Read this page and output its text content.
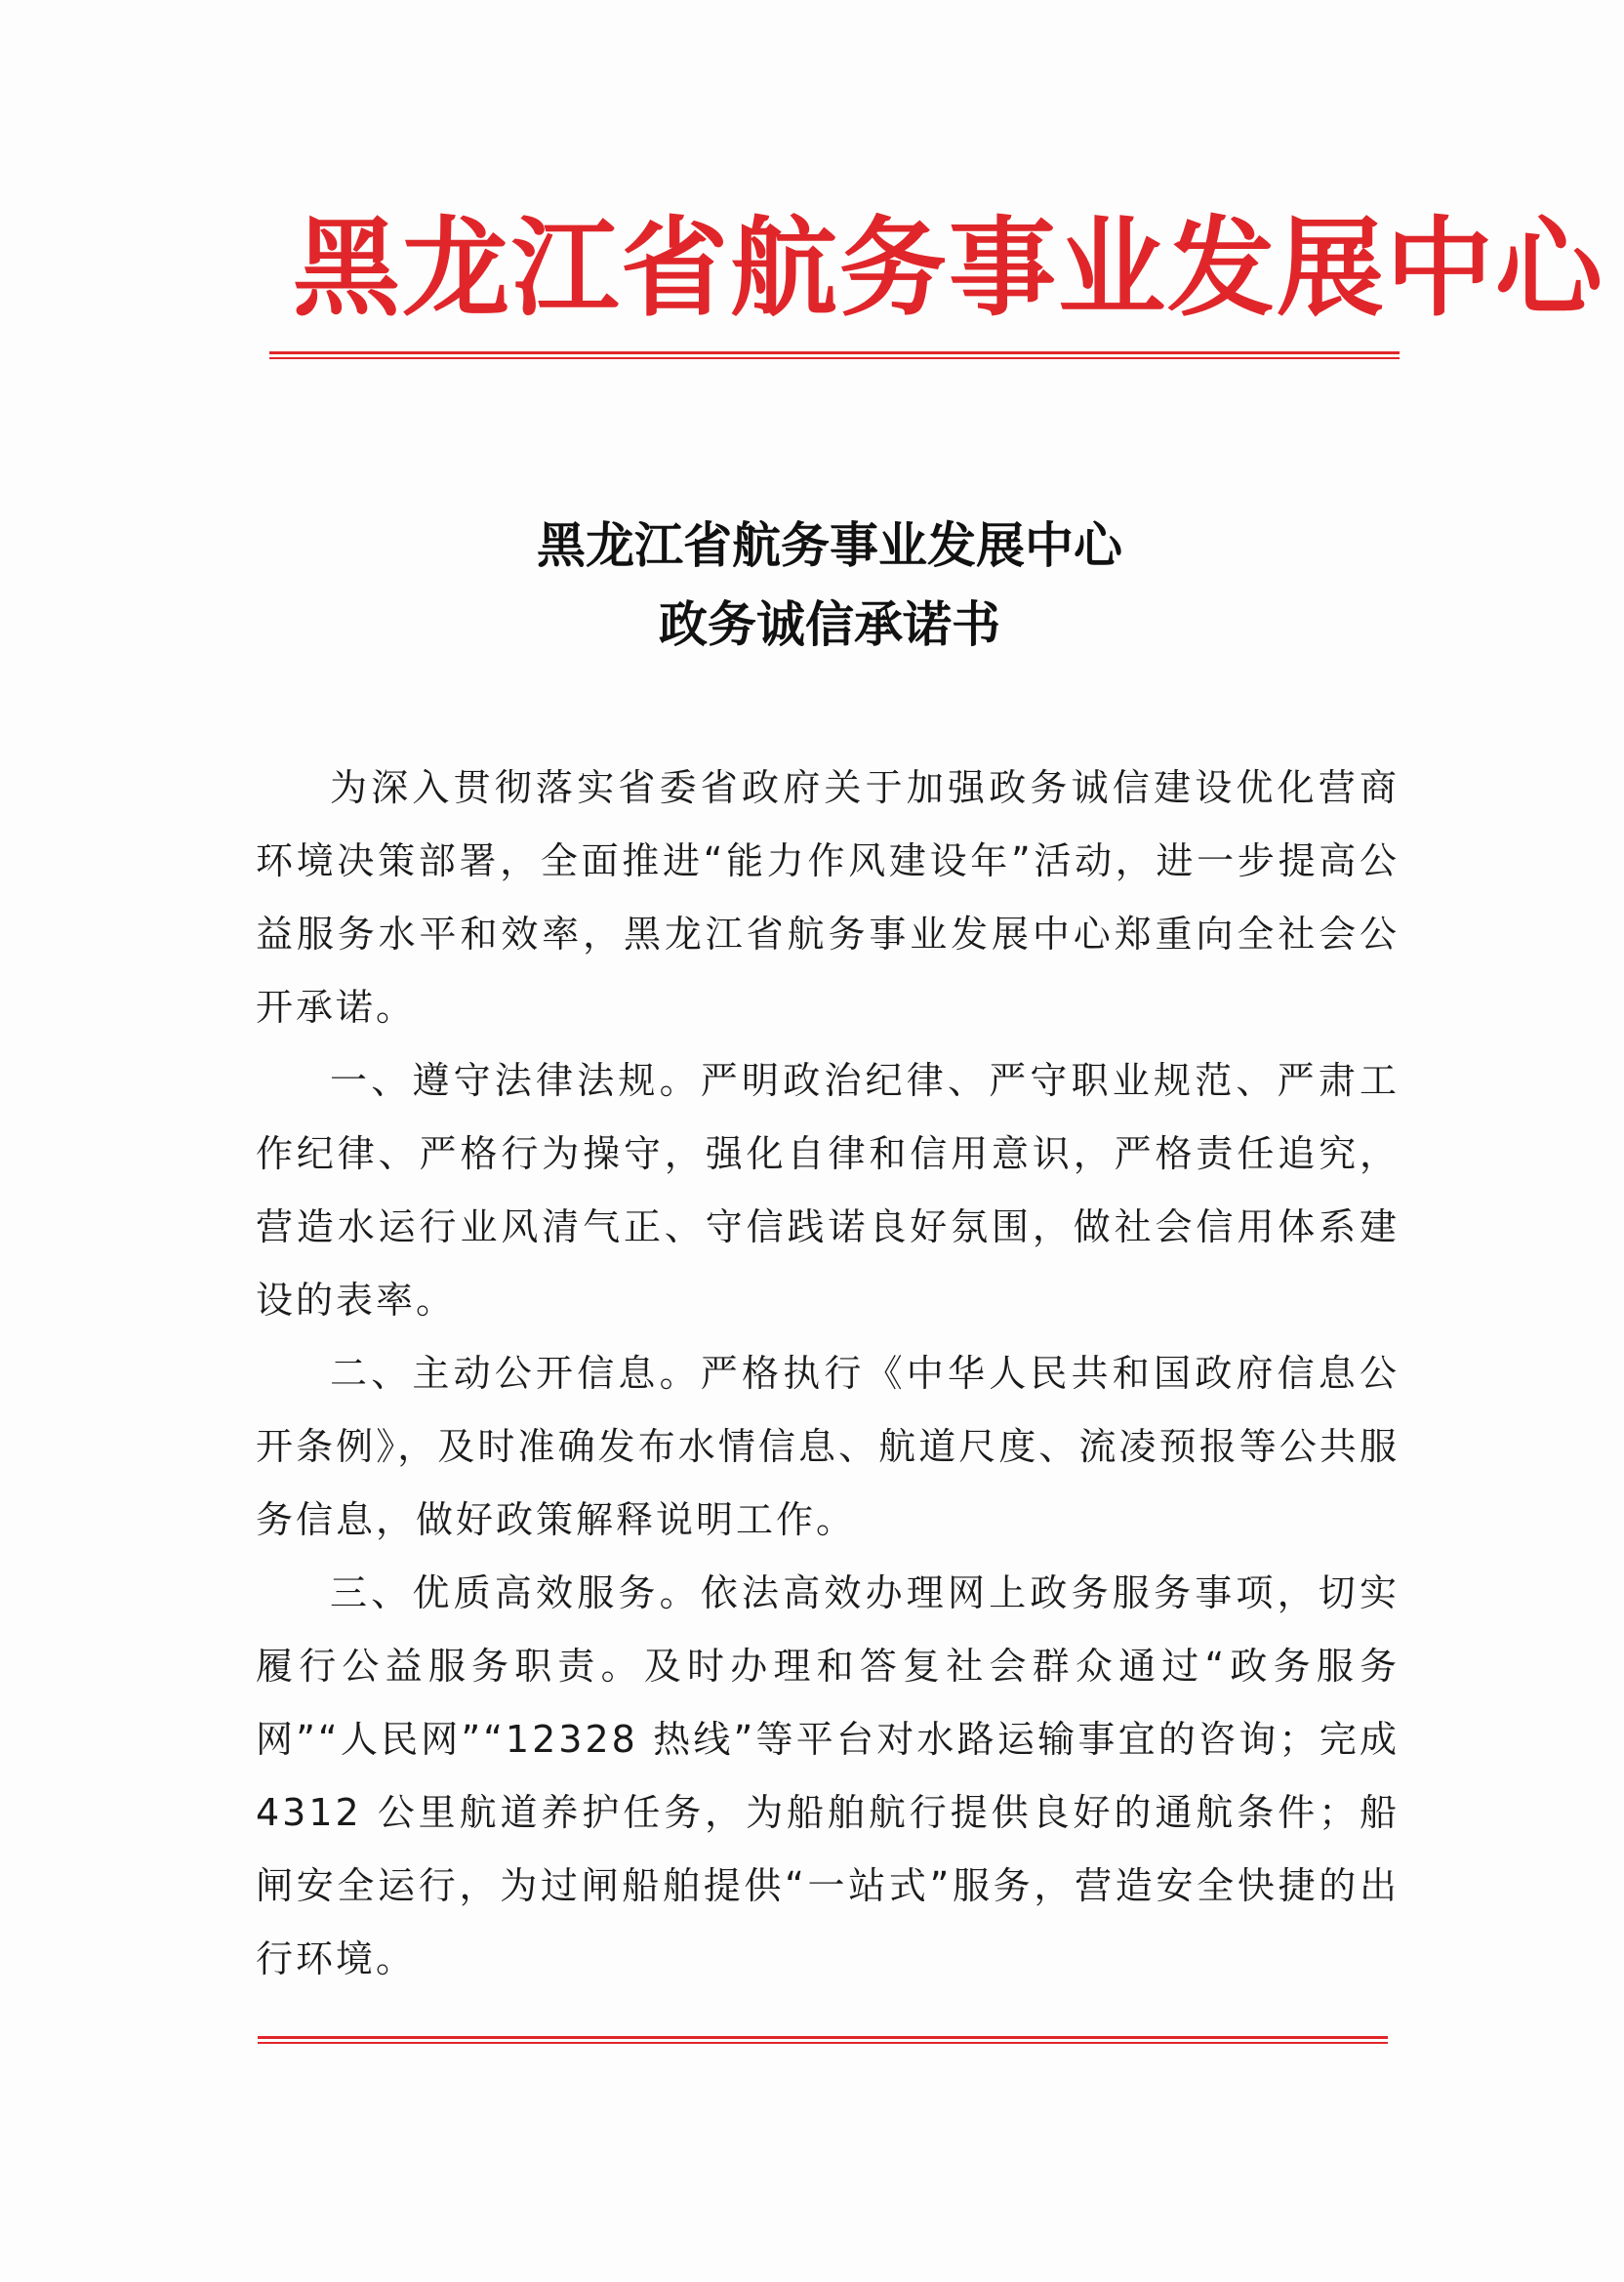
黑龙江省航务事业发展中心
黑龙江省航务事业发展中心
政务诚信承诺书

为深入贯彻落实省委省政府关于加强政务诚信建设优化营商环境决策部署，全面推进“能力作风建设年”活动，进一步提高公益服务水平和效率，黑龙江省航务事业发展中心郑重向全社会公开承诺。

一、遵守法律法规。严明政治纪律、严守职业规范、严肃工作纪律、严格行为操守，强化自律和信用意识，严格责任追究，营造水运行业风清气正、守信践诺良好氛围，做社会信用体系建设的表率。

二、主动公开信息。严格执行《中华人民共和国政府信息公开条例》，及时准确发布水情信息、航道尺度、流凌预报等公共服务信息，做好政策解释说明工作。

三、优质高效服务。依法高效办理网上政务服务事项，切实履行公益服务职责。及时办理和答复社会群众通过“政务服务网”“人民网”“12328 热线”等平台对水路运输事宜的咨询；完成 4312 公里航道养护任务，为船舶航行提供良好的通航条件；船闸安全运行，为过闸船舶提供“一站式”服务，营造安全快捷的出行环境。
